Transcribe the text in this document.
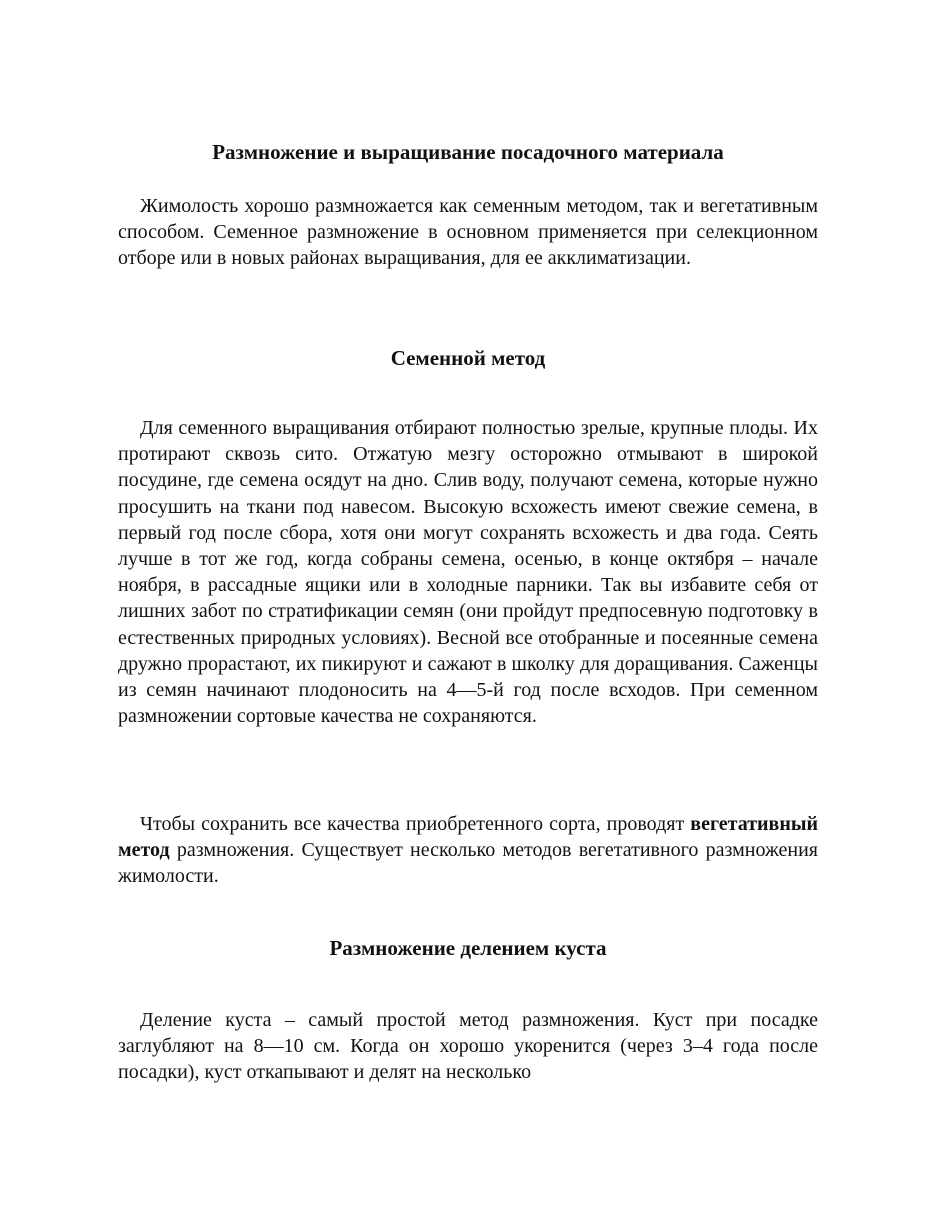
Размножение и выращивание посадочного материала

Жимолость хорошо размножается как семенным методом, так и вегетативным способом. Семенное размножение в основном применяется при селекционном отборе или в новых районах выращивания, для ее акклиматизации.

Семенной метод

Для семенного выращивания отбирают полностью зрелые, крупные плоды. Их протирают сквозь сито. Отжатую мезгу осторожно отмывают в широкой посудине, где семена осядут на дно. Слив воду, получают семена, которые нужно просушить на ткани под навесом. Высокую всхожесть имеют свежие семена, в первый год после сбора, хотя они могут сохранять всхожесть и два года. Сеять лучше в тот же год, когда собраны семена, осенью, в конце октября – начале ноября, в рассадные ящики или в холодные парники. Так вы избавите себя от лишних забот по стратификации семян (они пройдут предпосевную подготовку в естественных природных условиях). Весной все отобранные и посеянные семена дружно прорастают, их пикируют и сажают в школку для доращивания. Саженцы из семян начинают плодоносить на 4—5-й год после всходов. При семенном размножении сортовые качества не сохраняются.

Чтобы сохранить все качества приобретенного сорта, проводят вегетативный метод размножения. Существует несколько методов вегетативного размножения жимолости.

Размножение делением куста

Деление куста – самый простой метод размножения. Куст при посадке заглубляют на 8—10 см. Когда он хорошо укоренится (через 3–4 года после посадки), куст откапывают и делят на несколько
